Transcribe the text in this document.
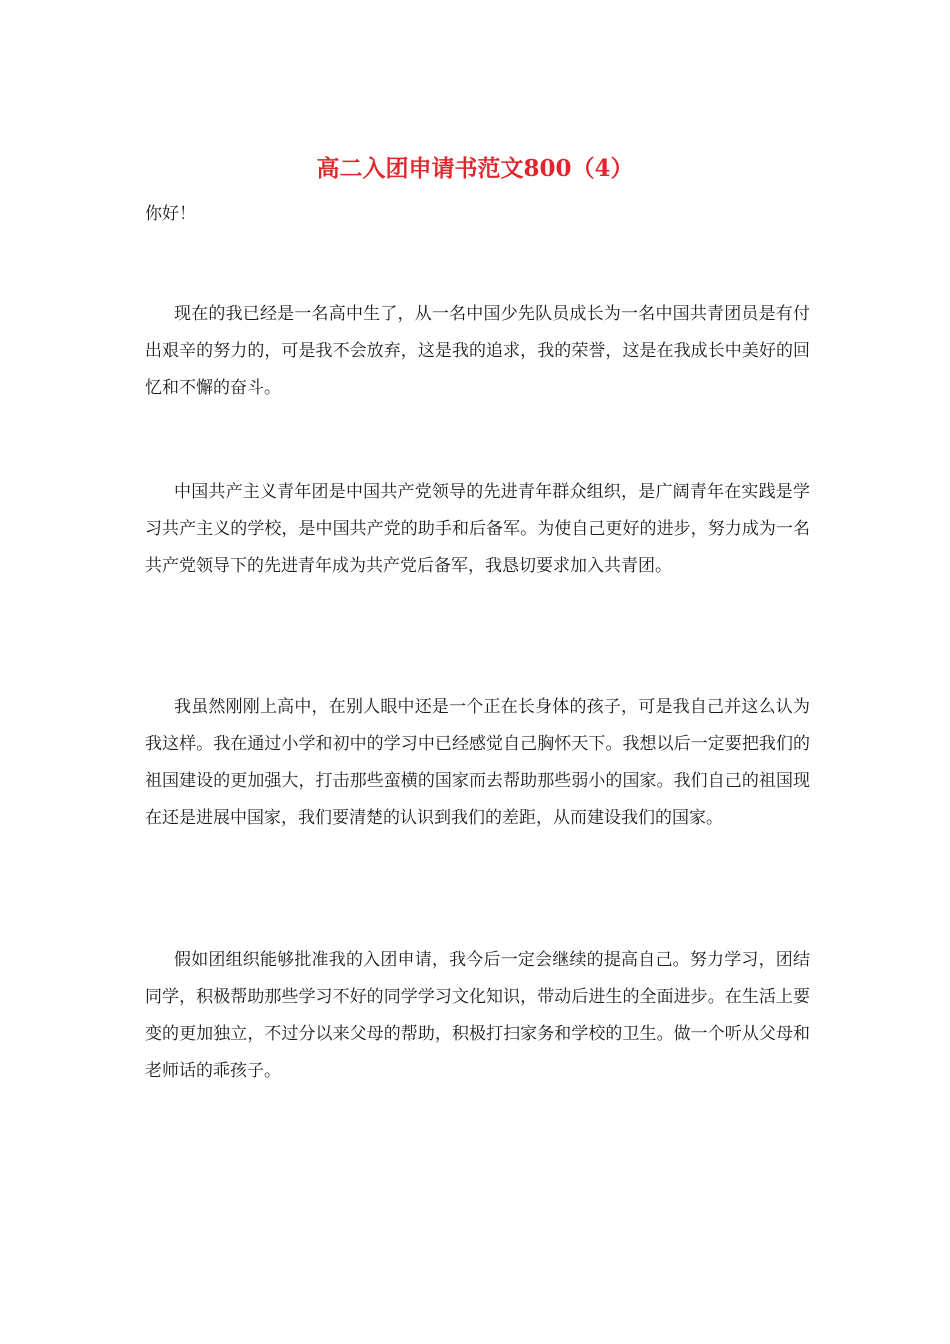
高二入团申请书范文800（4）
你好！

现在的我已经是一名高中生了，从一名中国少先队员成长为一名中国共青团员是有付出艰辛的努力的，可是我不会放弃，这是我的追求，我的荣誉，这是在我成长中美好的回忆和不懈的奋斗。

中国共产主义青年团是中国共产党领导的先进青年群众组织，是广阔青年在实践是学习共产主义的学校，是中国共产党的助手和后备军。为使自己更好的进步，努力成为一名共产党领导下的先进青年成为共产党后备军，我恳切要求加入共青团。

我虽然刚刚上高中，在别人眼中还是一个正在长身体的孩子，可是我自己并这么认为我这样。我在通过小学和初中的学习中已经感觉自己胸怀天下。我想以后一定要把我们的祖国建设的更加强大，打击那些蛮横的国家而去帮助那些弱小的国家。我们自己的祖国现在还是进展中国家，我们要清楚的认识到我们的差距，从而建设我们的国家。

假如团组织能够批准我的入团申请，我今后一定会继续的提高自己。努力学习，团结同学，积极帮助那些学习不好的同学学习文化知识，带动后进生的全面进步。在生活上要变的更加独立，不过分以来父母的帮助，积极打扫家务和学校的卫生。做一个听从父母和老师话的乖孩子。
